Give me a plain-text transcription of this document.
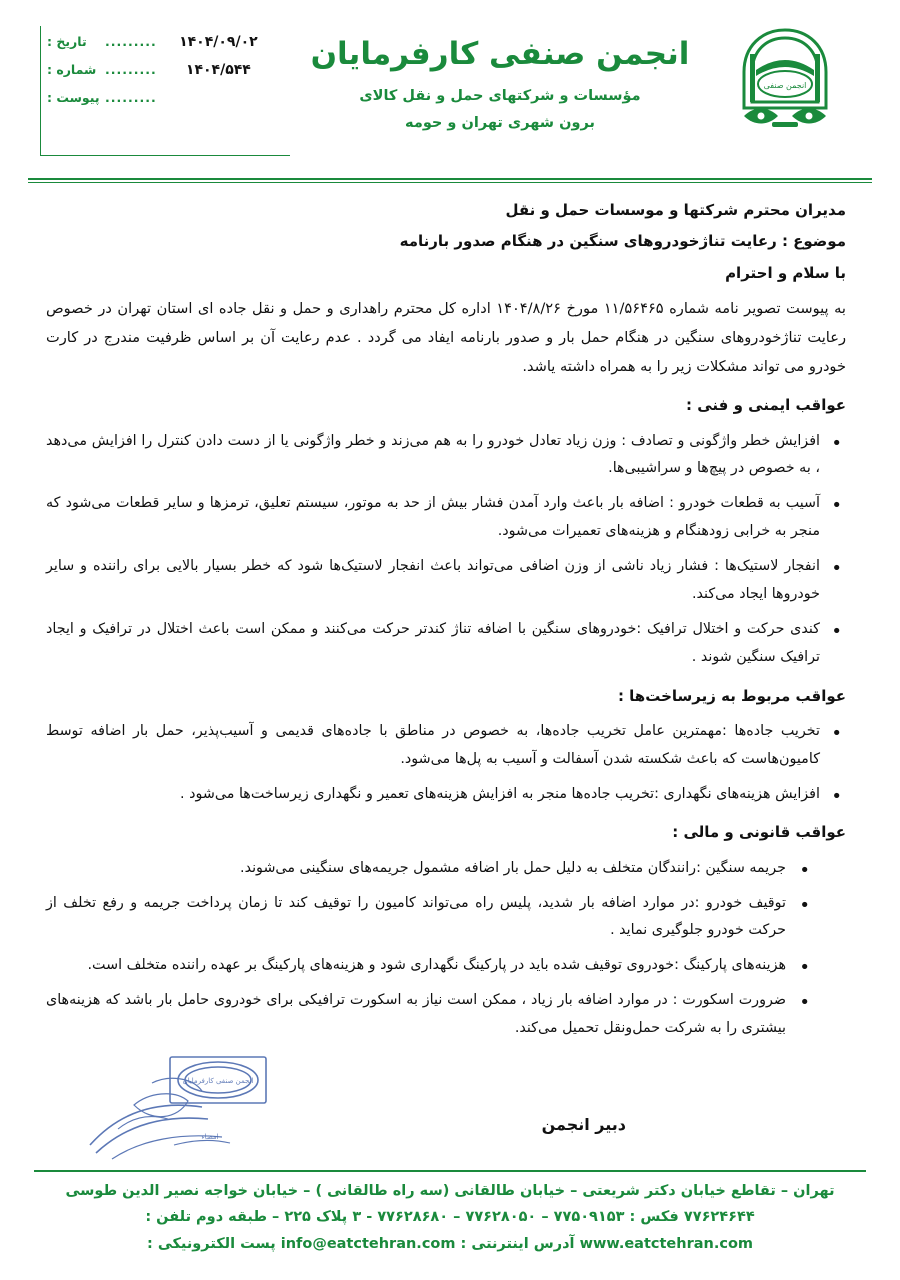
۱۴۰۴/۰۹/۰۲
.........
تاریخ :
۱۴۰۴/۵۴۴
.........
شماره :
.........
پیوست :
انجمن صنفی کارفرمایان
مؤسسات و شرکتهای حمل و نقل کالای
برون شهری تهران و حومه
انجمن صنفی
مدیران محترم شرکتها و موسسات حمل و نقل
موضوع : رعایت تناژخودروهای سنگین در هنگام صدور بارنامه
با سلام و احترام
به پیوست تصویر نامه شماره ۱۱/۵۶۴۶۵ مورخ ۱۴۰۴/۸/۲۶ اداره کل محترم راهداری و حمل و نقل جاده ای استان تهران در خصوص رعایت تناژخودروهای سنگین در هنگام حمل بار و صدور بارنامه ایفاد می گردد . عدم رعایت آن بر اساس ظرفیت مندرج در کارت خودرو می تواند مشکلات زیر را به همراه داشته یاشد.
عواقب ایمنی و فنی :
• افزایش خطر واژگونی و تصادف : وزن زیاد تعادل خودرو را به هم می‌زند و خطر واژگونی یا از دست دادن کنترل را افزایش می‌دهد ، به خصوص در پیچ‌ها و سراشیبی‌ها.
• آسیب به قطعات خودرو : اضافه بار باعث وارد آمدن فشار بیش از حد به موتور، سیستم تعلیق، ترمزها و سایر قطعات می‌شود که منجر به خرابی زودهنگام و هزینه‌های تعمیرات می‌شود.
• انفجار لاستیک‌ها : فشار زیاد ناشی از وزن اضافی می‌تواند باعث انفجار لاستیک‌ها شود که خطر بسیار بالایی برای راننده و سایر خودروها ایجاد می‌کند.
• کندی حرکت و اختلال ترافیک :خودروهای سنگین با اضافه تناژ کندتر حرکت می‌کنند و ممکن است باعث اختلال در ترافیک و ایجاد ترافیک سنگین شوند .
عواقب مربوط به زیرساخت‌ها :
• تخریب جاده‌ها :مهمترین عامل تخریب جاده‌ها، به خصوص در مناطق با جاده‌های قدیمی و آسیب‌پذیر، حمل بار اضافه توسط کامیون‌هاست که باعث شکسته شدن آسفالت و آسیب به پل‌ها می‌شود.
• افزایش هزینه‌های نگهداری :تخریب جاده‌ها منجر به افزایش هزینه‌های تعمیر و نگهداری زیرساخت‌ها می‌شود .
عواقب قانونی و مالی :
• جریمه سنگین :رانندگان متخلف به دلیل حمل بار اضافه مشمول جریمه‌های سنگینی می‌شوند.
• توقیف خودرو :در موارد اضافه بار شدید، پلیس راه می‌تواند کامیون را توقیف کند تا زمان پرداخت جریمه و رفع تخلف از حرکت خودرو جلوگیری نماید .
• هزینه‌های پارکینگ :خودروی توقیف شده باید در پارکینگ نگهداری شود و هزینه‌های پارکینگ بر عهده راننده متخلف است.
• ضرورت اسکورت : در موارد اضافه بار زیاد ، ممکن است نیاز به اسکورت ترافیکی برای خودروی حامل بار باشد که هزینه‌های بیشتری را به شرکت حمل‌ونقل تحمیل می‌کند.
دبیر انجمن
انجمن صنفی کارفرمایان
امضاء
تهران – تقاطع خیابان دکتر شریعتی – خیابان طالقانی (سه راه طالقانی ) – خیابان خواجه نصیر الدین طوسی
۷۷۶۲۴۶۴۴ فکس : ۷۷۵۰۹۱۵۳ – ۷۷۶۲۸۰۵۰ – ۷۷۶۲۸۶۸۰ - ۳ پلاک ۲۲۵ – طبقه دوم تلفن :
www.eatctehran.com آدرس اینترنتی : info@eatctehran.com پست الکترونیکی :
